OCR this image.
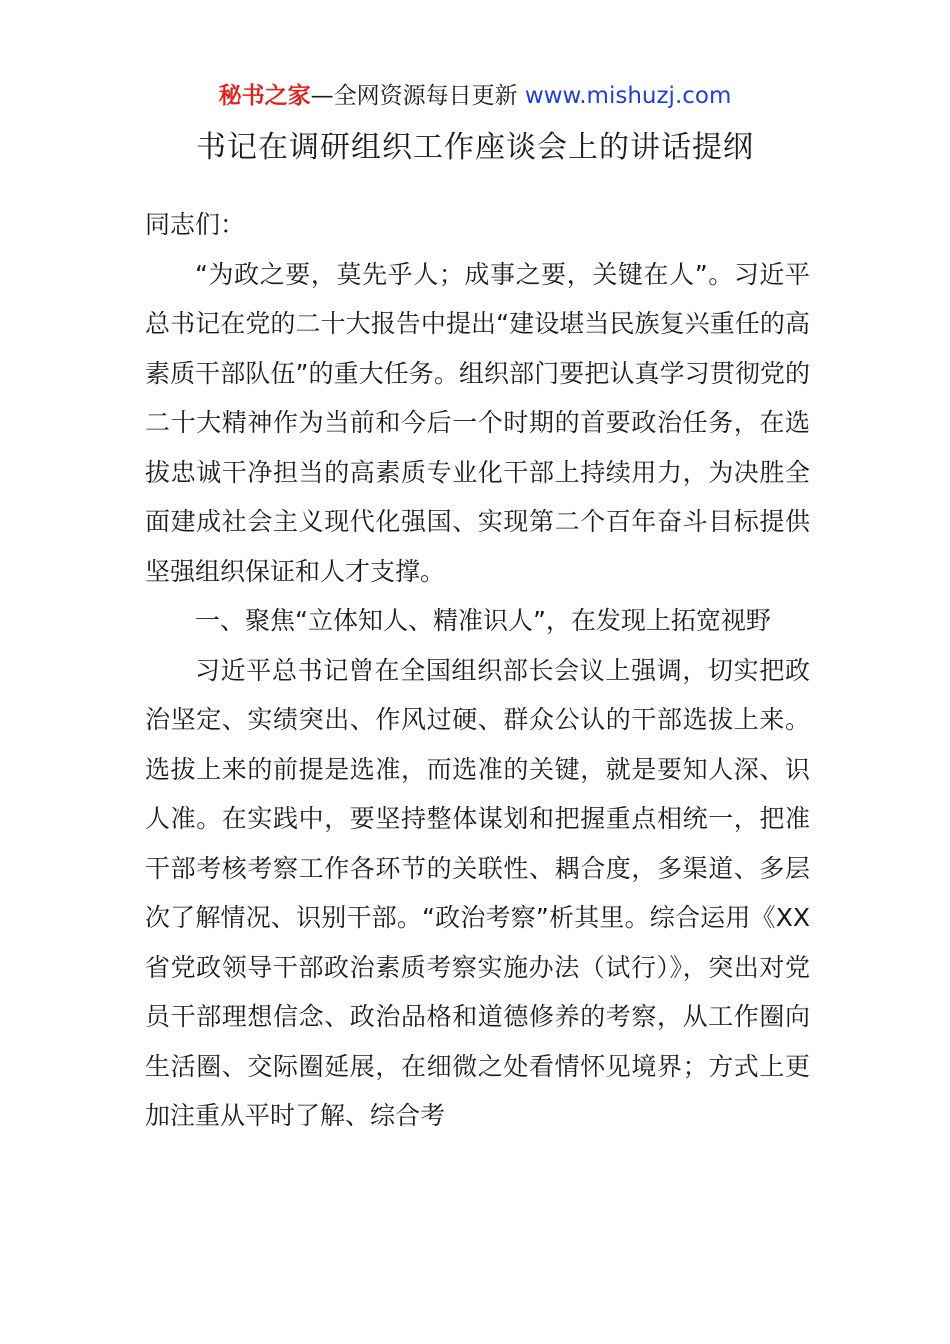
秘书之家—全网资源每日更新 www.mishuzj.com
书记在调研组织工作座谈会上的讲话提纲

同志们：

“为政之要，莫先乎人；成事之要，关键在人”。习近平总书记在党的二十大报告中提出“建设堪当民族复兴重任的高素质干部队伍”的重大任务。组织部门要把认真学习贯彻党的二十大精神作为当前和今后一个时期的首要政治任务，在选拔忠诚干净担当的高素质专业化干部上持续用力，为决胜全面建成社会主义现代化强国、实现第二个百年奋斗目标提供坚强组织保证和人才支撑。

一、聚焦“立体知人、精准识人”，在发现上拓宽视野

习近平总书记曾在全国组织部长会议上强调，切实把政治坚定、实绩突出、作风过硬、群众公认的干部选拔上来。选拔上来的前提是选准，而选准的关键，就是要知人深、识人准。在实践中，要坚持整体谋划和把握重点相统一，把准干部考核考察工作各环节的关联性、耦合度，多渠道、多层次了解情况、识别干部。“政治考察”析其里。综合运用《XX省党政领导干部政治素质考察实施办法（试行）》，突出对党员干部理想信念、政治品格和道德修养的考察，从工作圈向生活圈、交际圈延展，在细微之处看情怀见境界；方式上更加注重从平时了解、综合考
